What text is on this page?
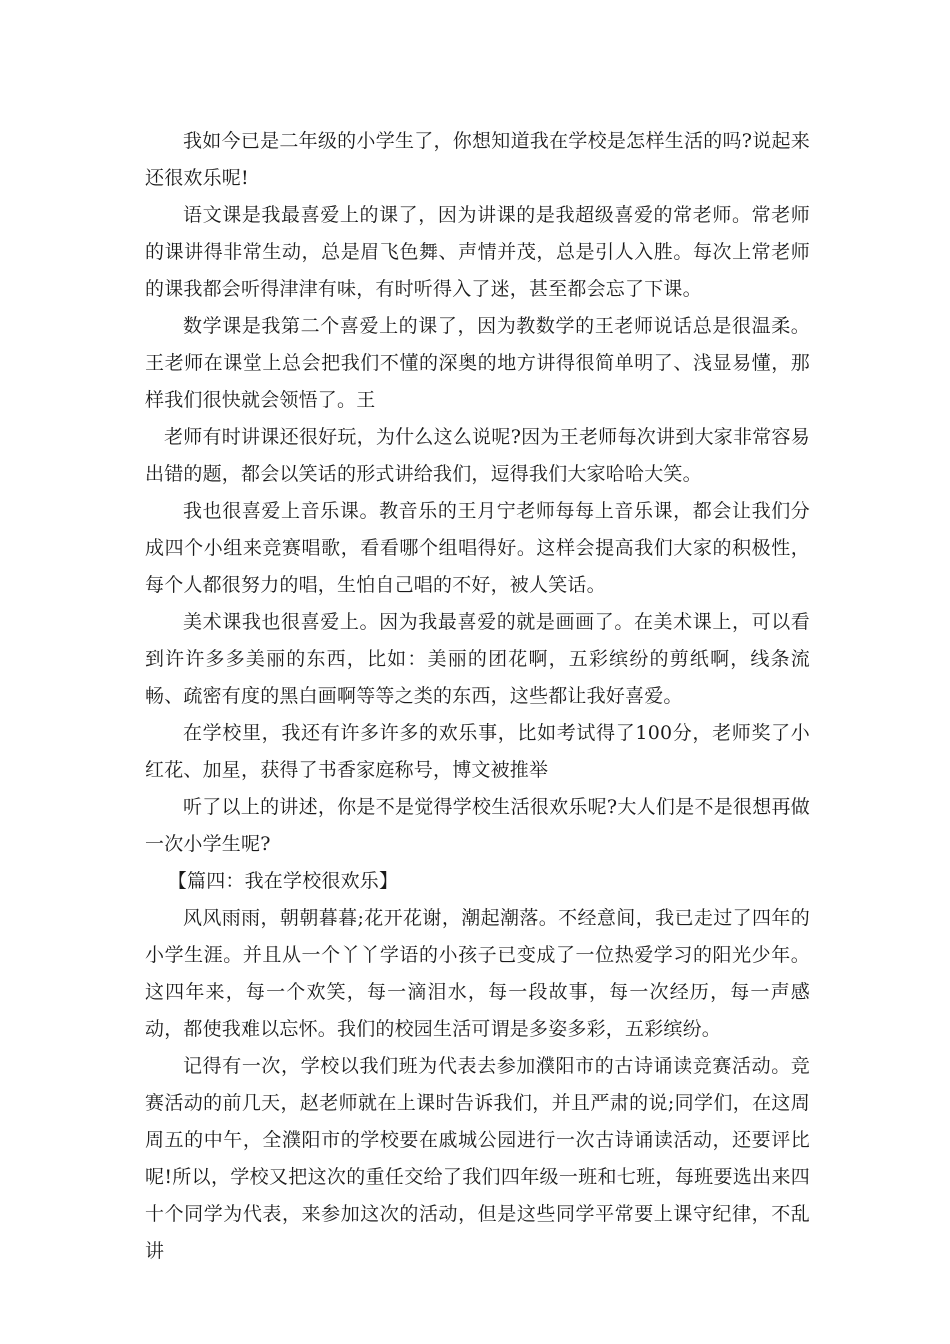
我如今已是二年级的小学生了，你想知道我在学校是怎样生活的吗?说起来还很欢乐呢!

语文课是我最喜爱上的课了，因为讲课的是我超级喜爱的常老师。常老师的课讲得非常生动，总是眉飞色舞、声情并茂，总是引人入胜。每次上常老师的课我都会听得津津有味，有时听得入了迷，甚至都会忘了下课。

数学课是我第二个喜爱上的课了，因为教数学的王老师说话总是很温柔。王老师在课堂上总会把我们不懂的深奥的地方讲得很简单明了、浅显易懂，那样我们很快就会领悟了。王

老师有时讲课还很好玩，为什么这么说呢?因为王老师每次讲到大家非常容易出错的题，都会以笑话的形式讲给我们，逗得我们大家哈哈大笑。

我也很喜爱上音乐课。教音乐的王月宁老师每每上音乐课，都会让我们分成四个小组来竞赛唱歌，看看哪个组唱得好。这样会提高我们大家的积极性，每个人都很努力的唱，生怕自己唱的不好，被人笑话。

美术课我也很喜爱上。因为我最喜爱的就是画画了。在美术课上，可以看到许许多多美丽的东西，比如：美丽的团花啊，五彩缤纷的剪纸啊，线条流畅、疏密有度的黑白画啊等等之类的东西，这些都让我好喜爱。

在学校里，我还有许多许多的欢乐事，比如考试得了100分，老师奖了小红花、加星，获得了书香家庭称号，博文被推举

听了以上的讲述，你是不是觉得学校生活很欢乐呢?大人们是不是很想再做一次小学生呢?

【篇四：我在学校很欢乐】

风风雨雨，朝朝暮暮;花开花谢，潮起潮落。不经意间，我已走过了四年的小学生涯。并且从一个丫丫学语的小孩子已变成了一位热爱学习的阳光少年。这四年来，每一个欢笑，每一滴泪水，每一段故事，每一次经历，每一声感动，都使我难以忘怀。我们的校园生活可谓是多姿多彩，五彩缤纷。

记得有一次，学校以我们班为代表去参加濮阳市的古诗诵读竞赛活动。竞赛活动的前几天，赵老师就在上课时告诉我们，并且严肃的说;同学们，在这周周五的中午，全濮阳市的学校要在戚城公园进行一次古诗诵读活动，还要评比呢!所以，学校又把这次的重任交给了我们四年级一班和七班，每班要选出来四十个同学为代表，来参加这次的活动，但是这些同学平常要上课守纪律，不乱讲
